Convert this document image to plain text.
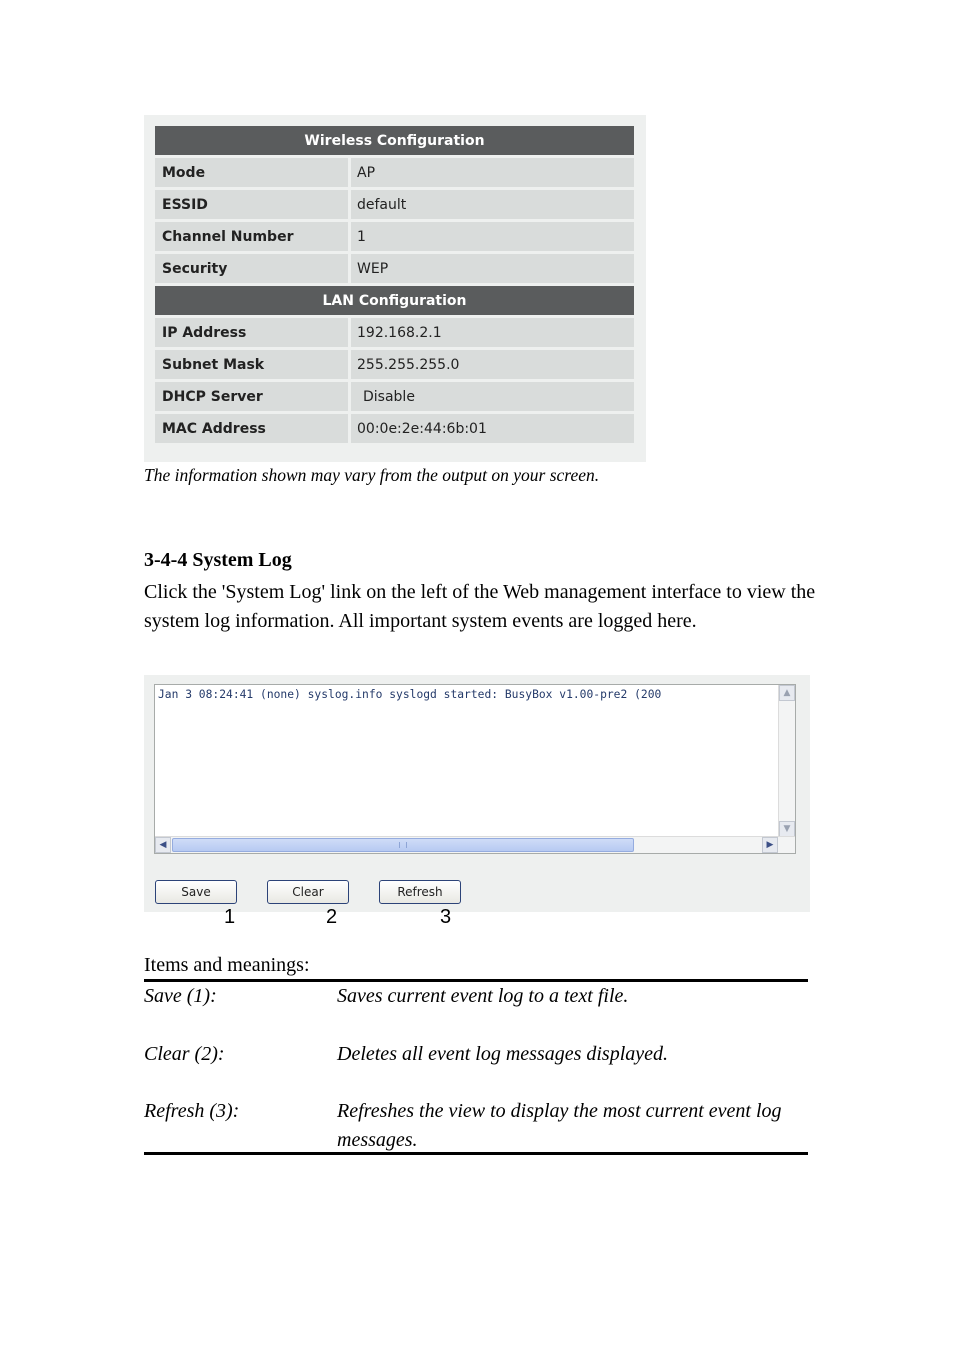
Wireless Configuration	
Mode	AP
ESSID	default
Channel Number	1
Security	WEP
LAN Configuration	
IP Address	192.168.2.1
Subnet Mask	255.255.255.0
DHCP Server	Disable
MAC Address	00:0e:2e:44:6b:01
The information shown may vary from the output on your screen.
3-4-4 System Log
Click the 'System Log' link on the left of the Web management interface to view the system log information. All important system events are logged here.
Jan 3 08:24:41 (none) syslog.info syslogd started: BusyBox v1.00-pre2 (200	▲
▼
◀	▶
Save	Clear	Refresh
1	2	3
Items and meanings:
Save (1):	Saves current event log to a text file.
Clear (2):	Deletes all event log messages displayed.
Refresh (3):	Refreshes the view to display the most current event log messages.
